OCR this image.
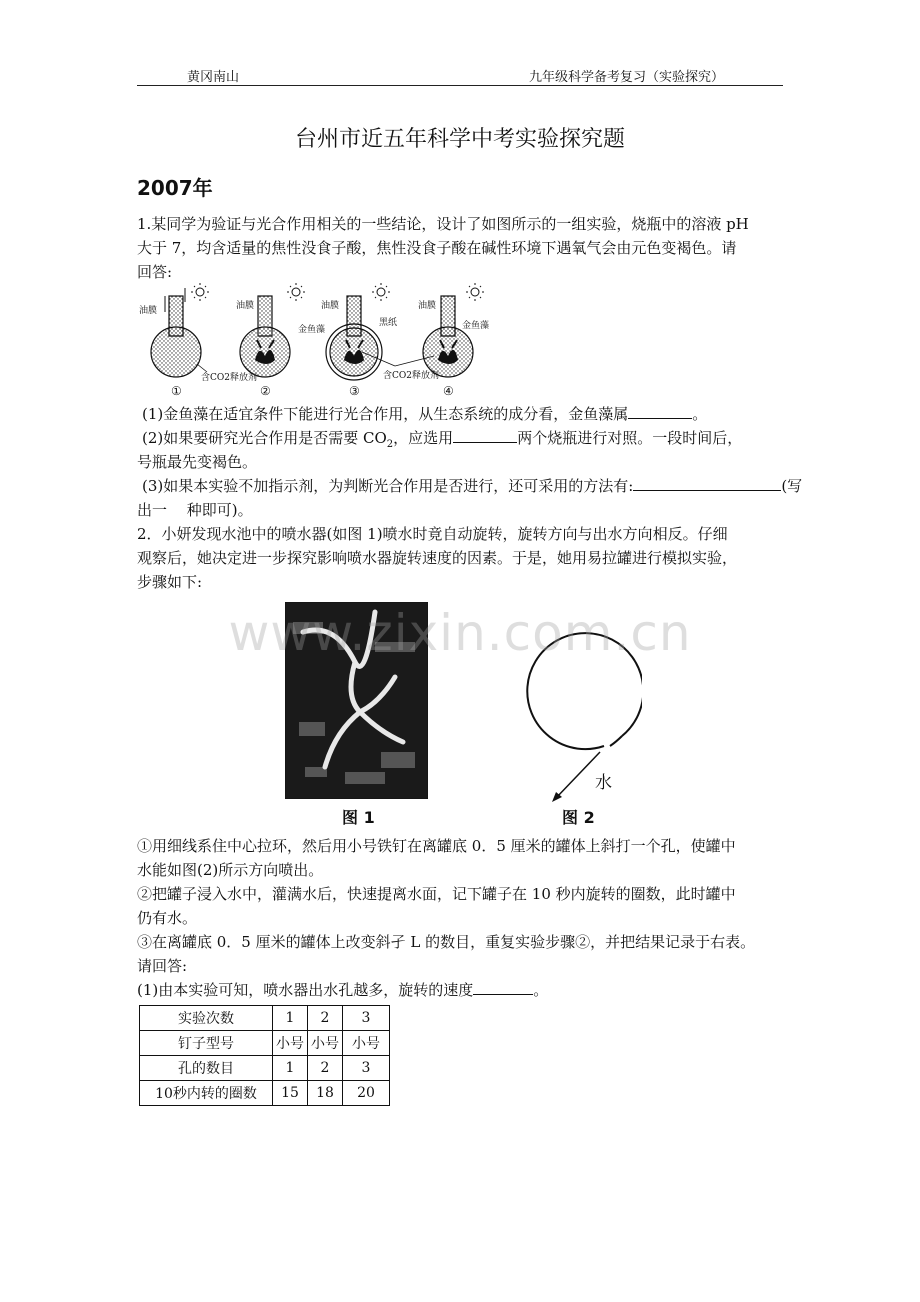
黄冈南山	九年级科学备考复习（实验探究）
台州市近五年科学中考实验探究题
2007年
1.某同学为验证与光合作用相关的一些结论，设计了如图所示的一组实验，烧瓶中的溶液 pH
大于 7，均含适量的焦性没食子酸，焦性没食子酸在碱性环境下遇氧气会由元色变褐色。请
回答:
油膜	油膜	油膜	油膜
金鱼藻
黑纸	金鱼藻
含CO2释放剂	含CO2释放剂
①	②	③	④
(1)金鱼藻在适宜条件下能进行光合作用，从生态系统的成分看，金鱼藻属	。
(2)如果要研究光合作用是否需要 $CO_2$，应选用	两个烧瓶进行对照。一段时间后，
号瓶最先变褐色。
(3)如果本实验不加指示剂，为判断光合作用是否进行，还可采用的方法有:	(写
出一　 种即可)。
2．小妍发现水池中的喷水器(如图 1)喷水时竟自动旋转，旋转方向与出水方向相反。仔细
观察后，她决定进一步探究影响喷水器旋转速度的因素。于是，她用易拉罐进行模拟实验，
步骤如下:
图 1
水
图 2
www.zixin.com.cn
①用细线系住中心拉环，然后用小号铁钉在离罐底 0．5 厘米的罐体上斜打一个孔，使罐中
水能如图(2)所示方向喷出。
②把罐子浸入水中，灌满水后，快速提离水面，记下罐子在 10 秒内旋转的圈数，此时罐中
仍有水。
③在离罐底 0．5 厘米的罐体上改变斜孑 L 的数目，重复实验步骤②，并把结果记录于右表。
请回答:
(1)由本实验可知，喷水器出水孔越多，旋转的速度	。
实验次数	1	2	3
钉子型号	小号	小号	小号
孔的数目	1	2	3
10秒内转的圈数	15	18	20
